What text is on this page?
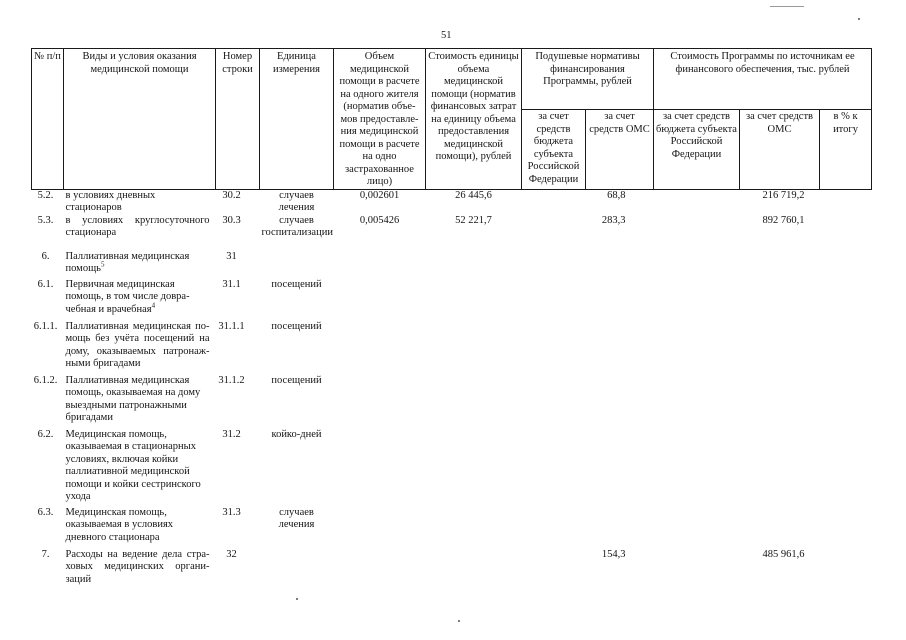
51
№ п/п	Виды и условия оказания медицинской помощи	Номер строки	Единица измерения	Объем медицинской помощи в расчете на одного жителя (норматив объе-мов предоставле-ния медицинской помощи в расчете на одно застрахованное лицо)	Стоимость единицы объема медицинской помощи (норматив финансовых затрат на единицу объема предоставления медицинской помощи), рублей	Подушевые нормативы финансирования Программы, рублей		Стоимость Программы по источникам ее финансового обеспечения, тыс. рублей		
						за счет средств бюджета субъекта Российской Федерации	за счет средств ОМС	за счет средств бюджета субъекта Российской Федерации	за счет средств ОМС	в % к итогу
5.2.	в условиях дневных стационаров	30.2	случаев лечения	0,002601	26 445,6		68,8		216 719,2	
5.3.	в условиях круглосуточного стационара	30.3	случаев госпитализации	0,005426	52 221,7		283,3		892 760,1	
6.	Паллиативная медицинская помощь$^5$	31								
6.1.	Первичная медицинская помощь, в том числе довра-чебная и врачебная$^4$	31.1	посещений							
6.1.1.	Паллиативная медицинская по-мощь без учёта посещений на дому, оказываемых патронаж-ными бригадами	31.1.1	посещений							
6.1.2.	Паллиативная медицинская помощь, оказываемая на дому выездными патронажными бригадами	31.1.2	посещений							
6.2.	Медицинская помощь, оказываемая в стационарных условиях, включая койки паллиативной медицинской помощи и койки сестринского ухода	31.2	койко-дней							
6.3.	Медицинская помощь, оказываемая в условиях дневного стационара	31.3	случаев лечения							
7.	Расходы на ведение дела стра-ховых медицинских органи-заций	32					154,3		485 961,6	
